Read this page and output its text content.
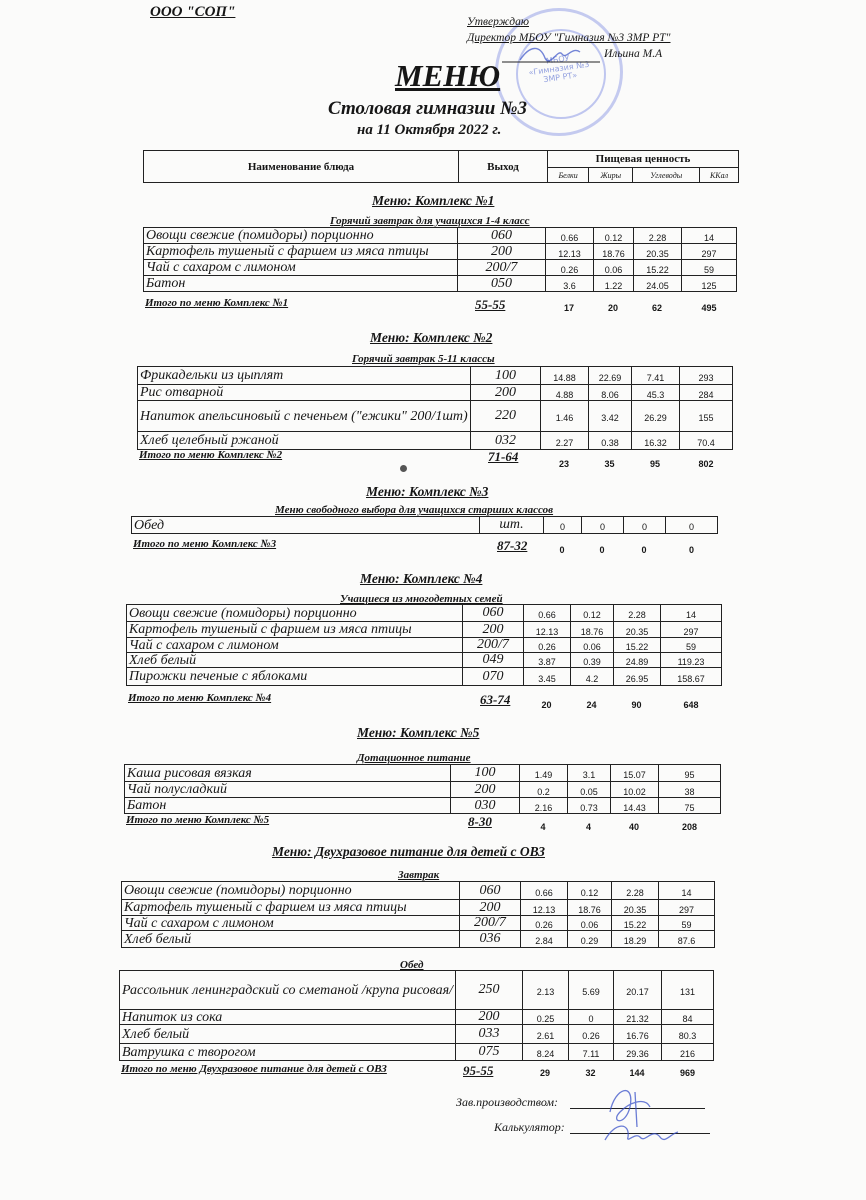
ООО "СОП"
МБОУ «Гимназия №3 ЗМР РТ»
Утверждаю
Директор МБОУ "Гимназия №3 ЗМР РТ"
Ильина М.А
МЕНЮ
Столовая гимназии №3
на 11 Октября 2022 г.
Наименование блюда	Выход	Пищевая ценность			
		Белки	Жиры	Углеводы	ККал
Меню: Комплекс №1
Горячий завтрак для учащихся 1-4 класс
Овощи свежие (помидоры) порционно	060	0.66	0.12	2.28	14
Картофель тушеный с фаршем из мяса птицы	200	12.13	18.76	20.35	297
Чай с сахаром с лимоном	200/7	0.26	0.06	15.22	59
Батон	050	3.6	1.22	24.05	125
Итого по меню Комплекс №1	55-55	17	20	62	495
Меню: Комплекс №2
Горячий завтрак 5-11 классы
Фрикадельки из цыплят	100	14.88	22.69	7.41	293
Рис отварной	200	4.88	8.06	45.3	284
Напиток апельсиновый с печеньем ("ежики" 200/1шт)	220	1.46	3.42	26.29	155
Хлеб целебный ржаной	032	2.27	0.38	16.32	70.4
Итого по меню Комплекс №2	71-64	23	35	95	802
Меню: Комплекс №3
Меню свободного выбора для учащихся старших классов
Обед	шт.	0	0	0	0
Итого по меню Комплекс №3	87-32	0	0	0	0
Меню: Комплекс №4
Учащиеся из многодетных семей
Овощи свежие (помидоры) порционно	060	0.66	0.12	2.28	14
Картофель тушеный с фаршем из мяса птицы	200	12.13	18.76	20.35	297
Чай с сахаром с лимоном	200/7	0.26	0.06	15.22	59
Хлеб белый	049	3.87	0.39	24.89	119.23
Пирожки печеные с яблоками	070	3.45	4.2	26.95	158.67
Итого по меню Комплекс №4	63-74	20	24	90	648
Меню: Комплекс №5
Дотационное питание
Каша рисовая вязкая	100	1.49	3.1	15.07	95
Чай полусладкий	200	0.2	0.05	10.02	38
Батон	030	2.16	0.73	14.43	75
Итого по меню Комплекс №5	8-30	4	4	40	208
Меню: Двухразовое питание для детей с ОВЗ
Завтрак
Овощи свежие (помидоры) порционно	060	0.66	0.12	2.28	14
Картофель тушеный с фаршем из мяса птицы	200	12.13	18.76	20.35	297
Чай с сахаром с лимоном	200/7	0.26	0.06	15.22	59
Хлеб белый	036	2.84	0.29	18.29	87.6
Обед
Рассольник ленинградский со сметаной /крупа рисовая/	250	2.13	5.69	20.17	131
Напиток из сока	200	0.25	0	21.32	84
Хлеб белый	033	2.61	0.26	16.76	80.3
Ватрушка с творогом	075	8.24	7.11	29.36	216
Итого по меню Двухразовое питание для детей с ОВЗ	95-55	29	32	144	969
Зав.производством:
Калькулятор:
